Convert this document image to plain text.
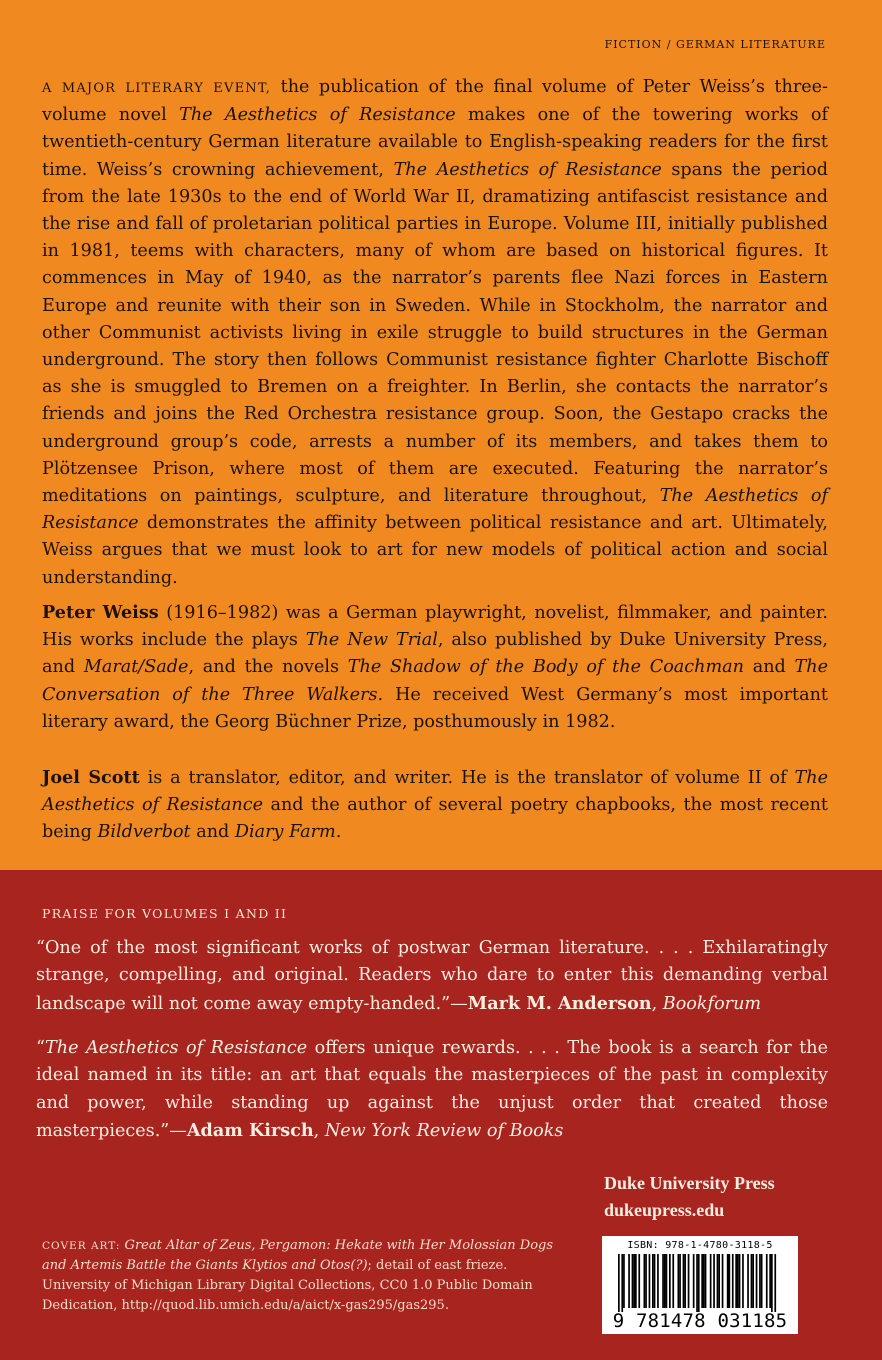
FICTION / GERMAN LITERATURE

A MAJOR LITERARY EVENT, the publication of the final volume of Peter Weiss’s three-volume novel The Aesthetics of Resistance makes one of the towering works of twentieth-century German literature available to English-speaking readers for the first time. Weiss’s crowning achievement, The Aesthetics of Resistance spans the period from the late 1930s to the end of World War II, dramatizing antifascist resistance and the rise and fall of proletarian political parties in Europe. Volume III, initially published in 1981, teems with characters, many of whom are based on historical figures. It commences in May of 1940, as the narrator’s parents flee Nazi forces in Eastern Europe and reunite with their son in Sweden. While in Stockholm, the narrator and other Communist activists living in exile struggle to build structures in the German underground. The story then follows Communist resistance fighter Charlotte Bischoff as she is smuggled to Bremen on a freighter. In Berlin, she contacts the narrator’s friends and joins the Red Orchestra resistance group. Soon, the Gestapo cracks the underground group’s code, arrests a number of its members, and takes them to Plötzensee Prison, where most of them are executed. Featuring the narrator’s meditations on paintings, sculpture, and literature throughout, The Aesthetics of Resistance demonstrates the affinity between political resistance and art. Ultimately, Weiss argues that we must look to art for new models of political action and social understanding.

Peter Weiss (1916–1982) was a German playwright, novelist, filmmaker, and painter. His works include the plays The New Trial, also published by Duke University Press, and Marat/Sade, and the novels The Shadow of the Body of the Coachman and The Conversation of the Three Walkers. He received West Germany’s most important literary award, the Georg Büchner Prize, posthumously in 1982.

Joel Scott is a translator, editor, and writer. He is the translator of volume II of The Aesthetics of Resistance and the author of several poetry chapbooks, the most recent being Bildverbot and Diary Farm.

PRAISE FOR VOLUMES I AND II

“One of the most significant works of postwar German literature. . . . Exhilaratingly strange, compelling, and original. Readers who dare to enter this demanding verbal landscape will not come away empty-handed.”—Mark M. Anderson, Bookforum

“The Aesthetics of Resistance offers unique rewards. . . . The book is a search for the ideal named in its title: an art that equals the masterpieces of the past in complexity and power, while standing up against the unjust order that created those masterpieces.”—Adam Kirsch, New York Review of Books

Duke University Press
dukeupress.edu

COVER ART: Great Altar of Zeus, Pergamon: Hekate with Her Molossian Dogs and Artemis Battle the Giants Klytios and Otos(?); detail of east frieze. University of Michigan Library Digital Collections, CC0 1.0 Public Domain Dedication, http://quod.lib.umich.edu/a/aict/x-gas295/gas295.

ISBN: 978-1-4780-3118-5
9 781478 031185
